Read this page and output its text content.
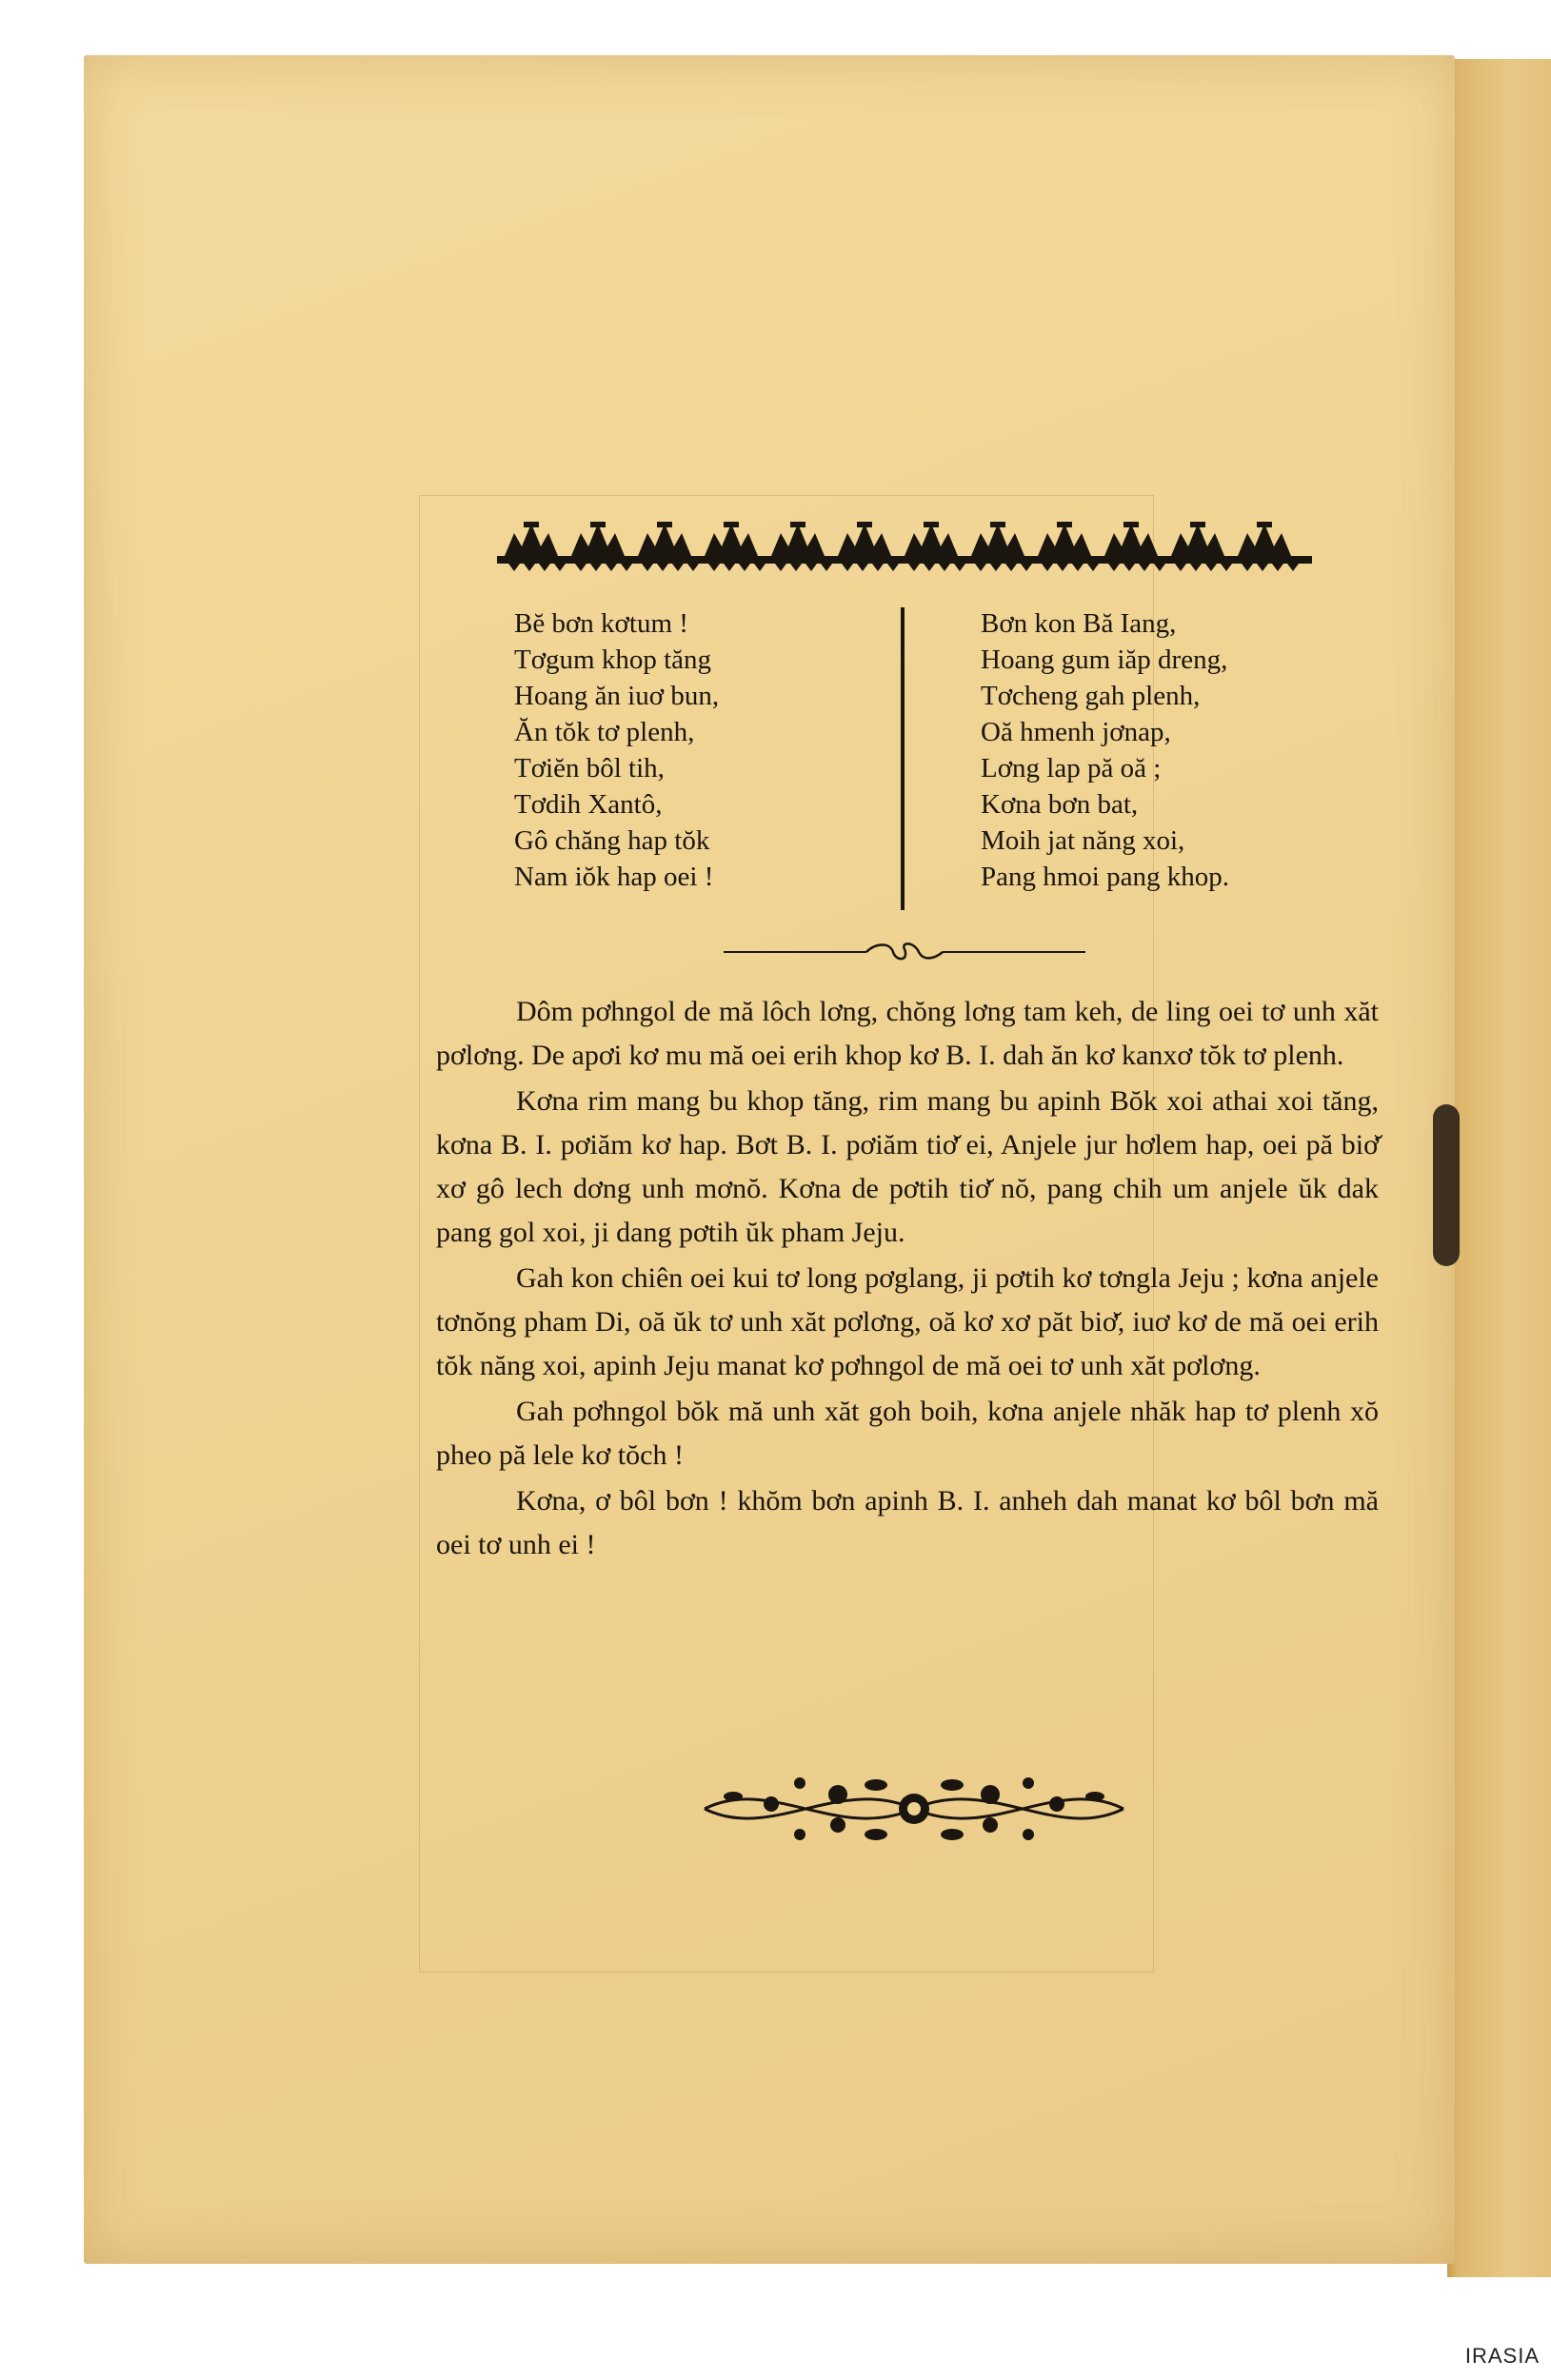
Bĕ bơn kơtum !
Tơgum khop tăng
Hoang ăn iuơ bun,
Ăn tŏk tơ plenh,
Tơiĕn bôl tih,
Tơdih Xantô,
Gô chăng hap tŏk
Nam iŏk hap oei !
Bơn kon Bă Iang,
Hoang gum iăp dreng,
Tơcheng gah plenh,
Oă hmenh jơnap,
Lơng lap pă oă ;
Kơna bơn bat,
Moih jat năng xoi,
Pang hmoi pang khop.

Dôm pơhngol de mă lôch lơng, chŏng lơng tam keh, de ling oei tơ unh xăt pơlơng. De apơi kơ mu mă oei erih khop kơ B. I. dah ăn kơ kanxơ tŏk tơ plenh.

Kơna rim mang bu khop tăng, rim mang bu apinh Bŏk xoi athai xoi tăng, kơna B. I. pơiăm kơ hap. Bơt B. I. pơiăm tiơ̆ ei, Anjele jur hơlem hap, oei pă biơ̆ xơ gô lech dơng unh mơnŏ. Kơna de pơtih tiơ̆ nŏ, pang chih um anjele ŭk dak pang gol xoi, ji dang pơtih ŭk pham Jeju.

Gah kon chiên oei kui tơ long pơglang, ji pơtih kơ tơngla Jeju ; kơna anjele tơnŏng pham Di, oă ŭk tơ unh xăt pơlơng, oă kơ xơ păt biơ̆, iuơ kơ de mă oei erih tŏk năng xoi, apinh Jeju manat kơ pơhngol de mă oei tơ unh xăt pơlơng.

Gah pơhngol bŏk mă unh xăt goh boih, kơna anjele nhăk hap tơ plenh xŏ pheo pă lele kơ tŏch !

Kơna, ơ bôl bơn ! khŏm bơn apinh B. I. anheh dah manat kơ bôl bơn mă oei tơ unh ei !

IRASIA
